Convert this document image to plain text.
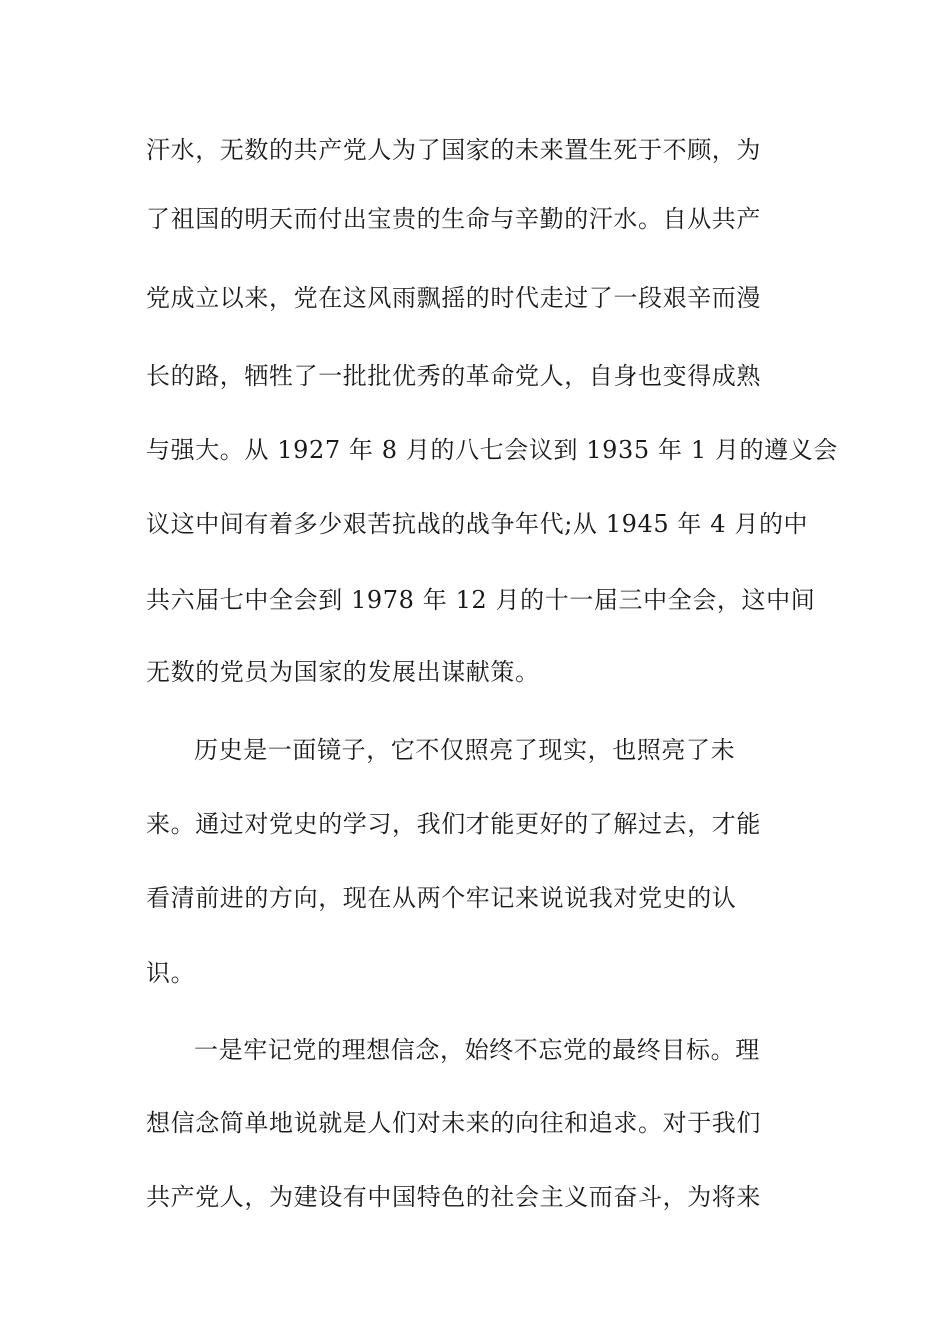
汗水，无数的共产党人为了国家的未来置生死于不顾，为
了祖国的明天而付出宝贵的生命与辛勤的汗水。自从共产
党成立以来，党在这风雨飘摇的时代走过了一段艰辛而漫
长的路，牺牲了一批批优秀的革命党人，自身也变得成熟
与强大。从 1927 年 8 月的八七会议到 1935 年 1 月的遵义会
议这中间有着多少艰苦抗战的战争年代;从 1945 年 4 月的中
共六届七中全会到 1978 年 12 月的十一届三中全会，这中间
无数的党员为国家的发展出谋献策。
历史是一面镜子，它不仅照亮了现实，也照亮了未
来。通过对党史的学习，我们才能更好的了解过去，才能
看清前进的方向，现在从两个牢记来说说我对党史的认
识。
一是牢记党的理想信念，始终不忘党的最终目标。理
想信念简单地说就是人们对未来的向往和追求。对于我们
共产党人，为建设有中国特色的社会主义而奋斗，为将来
